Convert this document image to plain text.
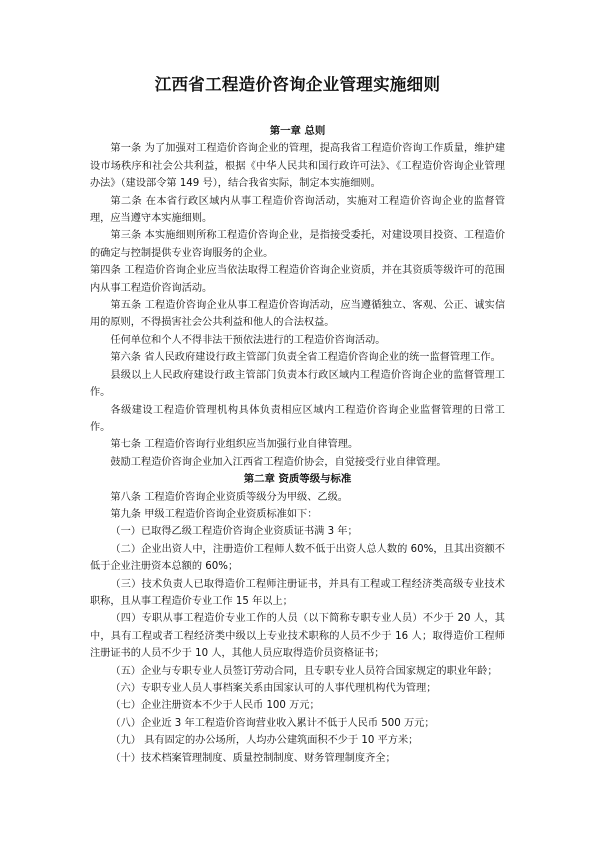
江西省工程造价咨询企业管理实施细则
第一章 总则

第一条 为了加强对工程造价咨询企业的管理，提高我省工程造价咨询工作质量，维护建设市场秩序和社会公共利益，根据《中华人民共和国行政许可法》、《工程造价咨询企业管理办法》（建设部令第 149 号），结合我省实际，制定本实施细则。

第二条 在本省行政区域内从事工程造价咨询活动，实施对工程造价咨询企业的监督管理，应当遵守本实施细则。

第三条 本实施细则所称工程造价咨询企业，是指接受委托，对建设项目投资、工程造价的确定与控制提供专业咨询服务的企业。

第四条 工程造价咨询企业应当依法取得工程造价咨询企业资质，并在其资质等级许可的范围内从事工程造价咨询活动。

第五条 工程造价咨询企业从事工程造价咨询活动，应当遵循独立、客观、公正、诚实信用的原则，不得损害社会公共利益和他人的合法权益。

任何单位和个人不得非法干预依法进行的工程造价咨询活动。

第六条 省人民政府建设行政主管部门负责全省工程造价咨询企业的统一监督管理工作。

县级以上人民政府建设行政主管部门负责本行政区域内工程造价咨询企业的监督管理工作。

各级建设工程造价管理机构具体负责相应区域内工程造价咨询企业监督管理的日常工作。

第七条 工程造价咨询行业组织应当加强行业自律管理。

鼓励工程造价咨询企业加入江西省工程造价协会，自觉接受行业自律管理。

第二章 资质等级与标准

第八条 工程造价咨询企业资质等级分为甲级、乙级。

第九条 甲级工程造价咨询企业资质标准如下：

（一）已取得乙级工程造价咨询企业资质证书满 3 年；

（二）企业出资人中，注册造价工程师人数不低于出资人总人数的 60%，且其出资额不低于企业注册资本总额的 60%；

（三）技术负责人已取得造价工程师注册证书，并具有工程或工程经济类高级专业技术职称，且从事工程造价专业工作 15 年以上；

（四）专职从事工程造价专业工作的人员（以下简称专职专业人员）不少于 20 人，其中，具有工程或者工程经济类中级以上专业技术职称的人员不少于 16 人；取得造价工程师注册证书的人员不少于 10 人，其他人员应取得造价员资格证书；

（五）企业与专职专业人员签订劳动合同，且专职专业人员符合国家规定的职业年龄；

（六）专职专业人员人事档案关系由国家认可的人事代理机构代为管理；

（七）企业注册资本不少于人民币 100 万元；

（八）企业近 3 年工程造价咨询营业收入累计不低于人民币 500 万元；

（九） 具有固定的办公场所，人均办公建筑面积不少于 10 平方米；

（十）技术档案管理制度、质量控制制度、财务管理制度齐全；
